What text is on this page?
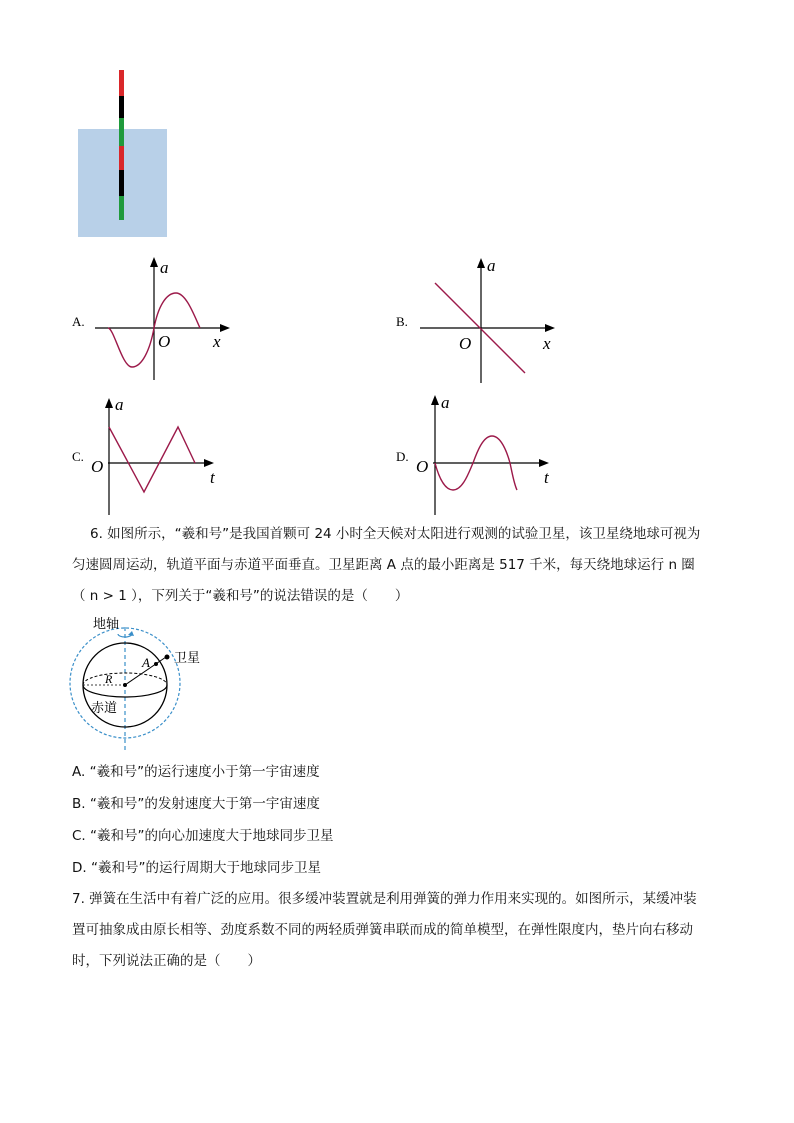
A.
a
O	x
B.
a
O	x
C.
a
O
t
D.
a
O
t
6. 如图所示，“羲和号”是我国首颗可 24 小时全天候对太阳进行观测的试验卫星，该卫星绕地球可视为
匀速圆周运动，轨道平面与赤道平面垂直。卫星距离 A 点的最小距离是 517 千米，每天绕地球运行 n 圈
（ n > 1 ），下列关于“羲和号”的说法错误的是（　　）
地轴
卫星
A
R
赤道
A. “羲和号”的运行速度小于第一宇宙速度
B. “羲和号”的发射速度大于第一宇宙速度
C. “羲和号”的向心加速度大于地球同步卫星
D. “羲和号”的运行周期大于地球同步卫星
7. 弹簧在生活中有着广泛的应用。很多缓冲装置就是利用弹簧的弹力作用来实现的。如图所示，某缓冲装
置可抽象成由原长相等、劲度系数不同的两轻质弹簧串联而成的简单模型，在弹性限度内，垫片向右移动
时，下列说法正确的是（　　）
